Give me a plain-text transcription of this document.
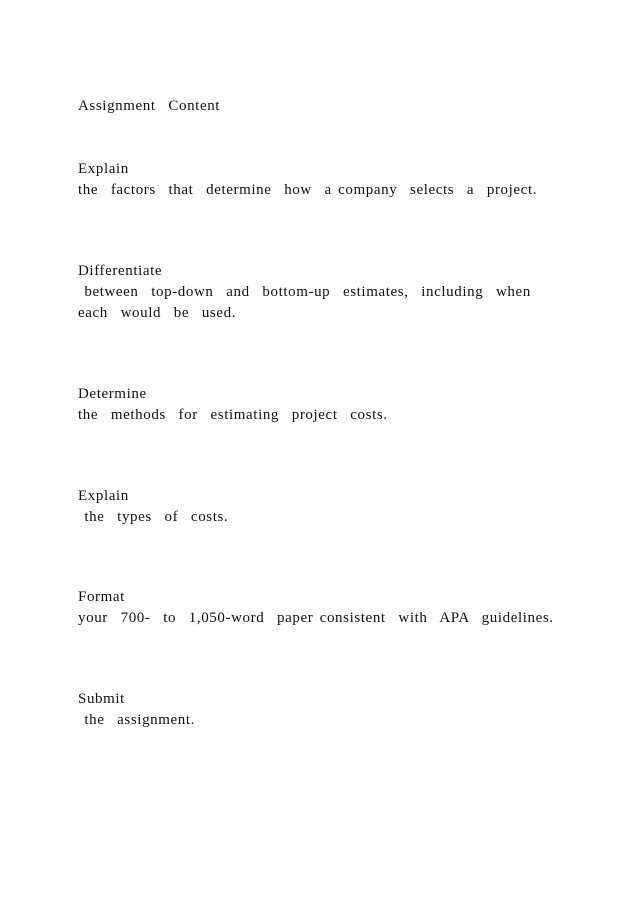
Assignment  Content
Explain
the  factors  that  determine  how  a company  selects  a  project.
Differentiate
between  top-down  and  bottom-up  estimates,  including  when
each  would  be  used.
Determine
the  methods  for  estimating  project  costs.
Explain
the  types  of  costs.
Format
your  700-  to  1,050-word  paper consistent  with  APA  guidelines.
Submit
the  assignment.
